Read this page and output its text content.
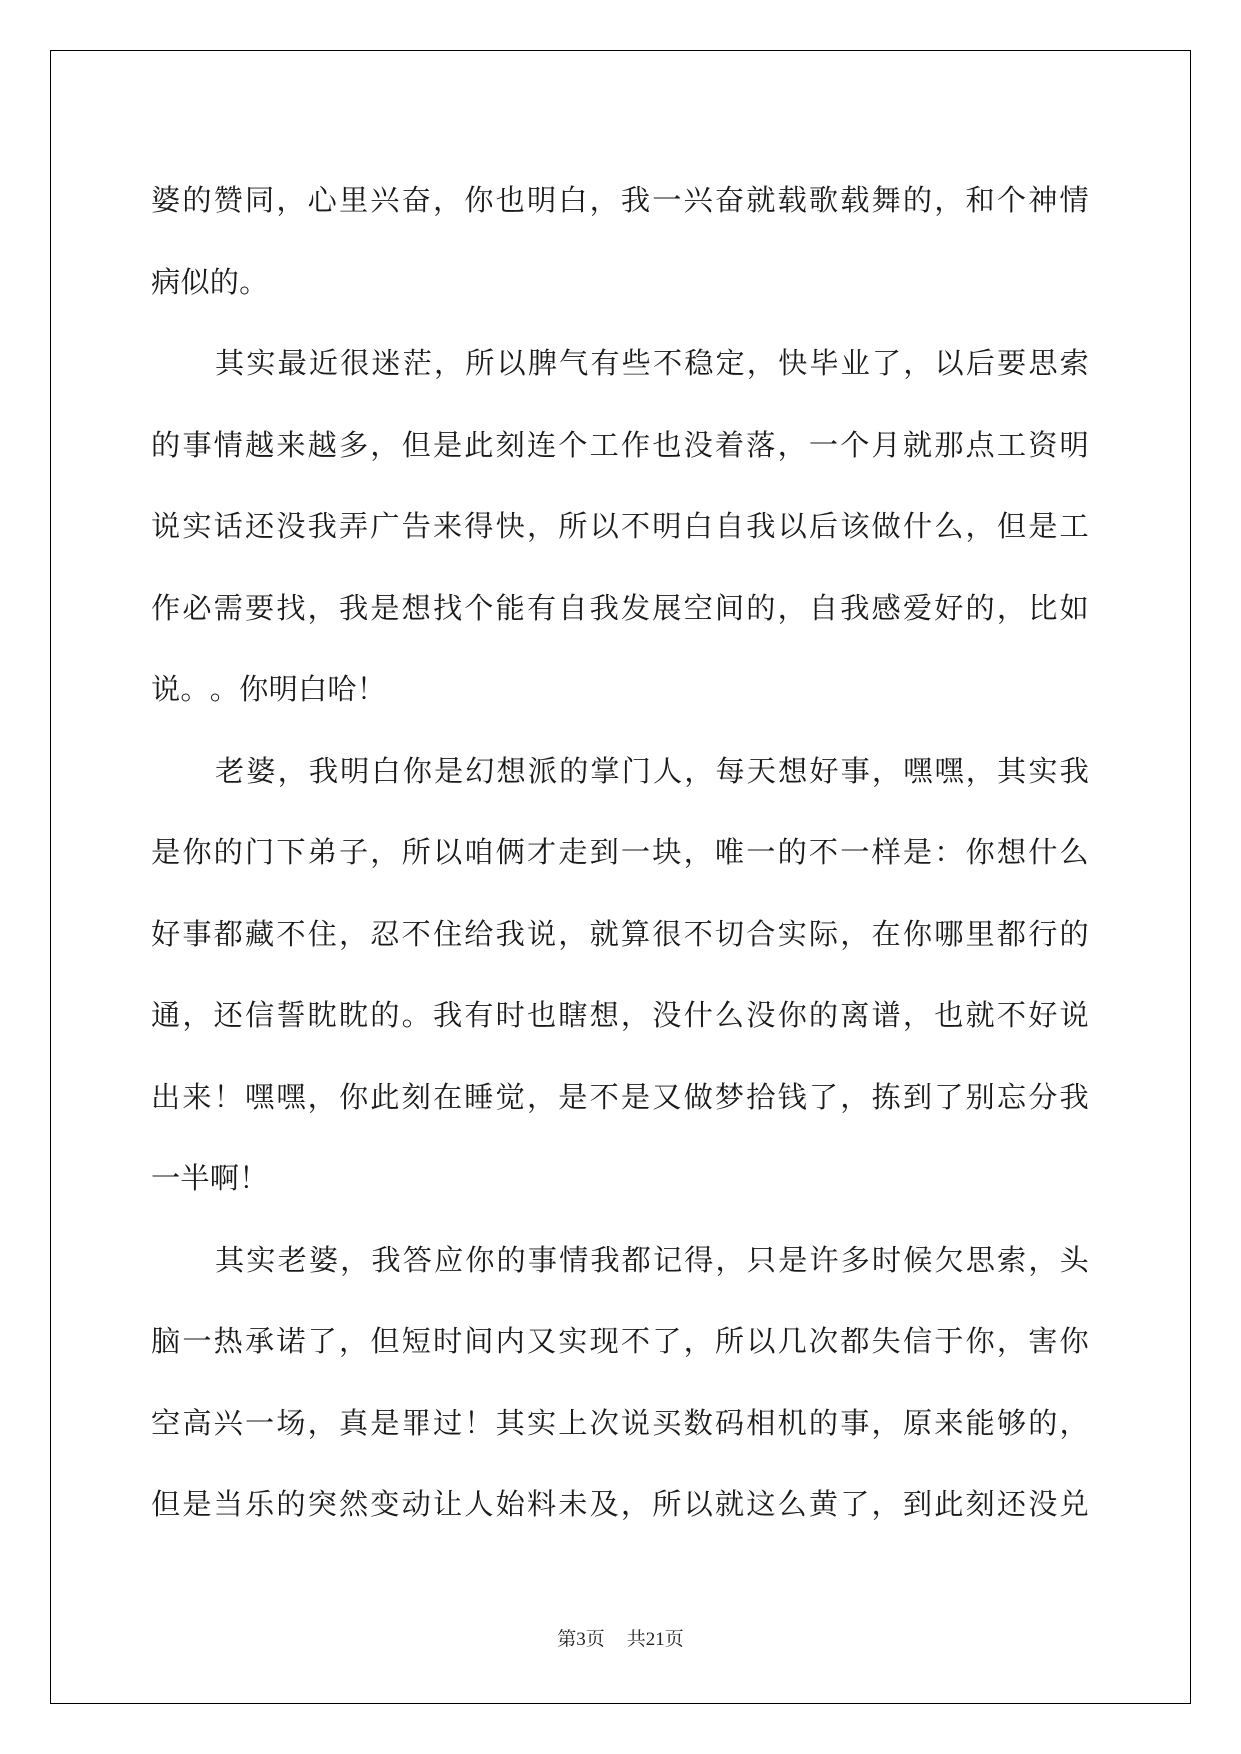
婆 的 赞 同 ， 心 里 兴 奋 ， 你 也 明 白 ， 我 一 兴 奋 就 载 歌 载 舞 的 ， 和 个 神 情
病 似 的 。
其 实 最 近 很 迷 茫 ， 所 以 脾 气 有 些 不 稳 定 ， 快 毕 业 了 ， 以 后 要 思 索
的 事 情 越 来 越 多 ， 但 是 此 刻 连 个 工 作 也 没 着 落 ， 一 个 月 就 那 点 工 资 明
说 实 话 还 没 我 弄 广 告 来 得 快 ， 所 以 不 明 白 自 我 以 后 该 做 什 么 ， 但 是 工
作 必 需 要 找 ， 我 是 想 找 个 能 有 自 我 发 展 空 间 的 ， 自 我 感 爱 好 的 ， 比 如
说 。 。 你 明 白 哈 ！
老 婆 ， 我 明 白 你 是 幻 想 派 的 掌 门 人 ， 每 天 想 好 事 ， 嘿 嘿 ， 其 实 我
是 你 的 门 下 弟 子 ， 所 以 咱 俩 才 走 到 一 块 ， 唯 一 的 不 一 样 是 ： 你 想 什 么
好 事 都 藏 不 住 ， 忍 不 住 给 我 说 ， 就 算 很 不 切 合 实 际 ， 在 你 哪 里 都 行 的
通 ， 还 信 誓 眈 眈 的 。 我 有 时 也 瞎 想 ， 没 什 么 没 你 的 离 谱 ， 也 就 不 好 说
出 来 ！ 嘿 嘿 ， 你 此 刻 在 睡 觉 ， 是 不 是 又 做 梦 拾 钱 了 ， 拣 到 了 别 忘 分 我
一 半 啊 ！
其 实 老 婆 ， 我 答 应 你 的 事 情 我 都 记 得 ， 只 是 许 多 时 候 欠 思 索 ， 头
脑 一 热 承 诺 了 ， 但 短 时 间 内 又 实 现 不 了 ， 所 以 几 次 都 失 信 于 你 ， 害 你
空 高 兴 一 场 ， 真 是 罪 过 ！ 其 实 上 次 说 买 数 码 相 机 的 事 ， 原 来 能 够 的 ，
但 是 当 乐 的 突 然 变 动 让 人 始 料 未 及 ， 所 以 就 这 么 黄 了 ， 到 此 刻 还 没 兑
第3页 共21页
